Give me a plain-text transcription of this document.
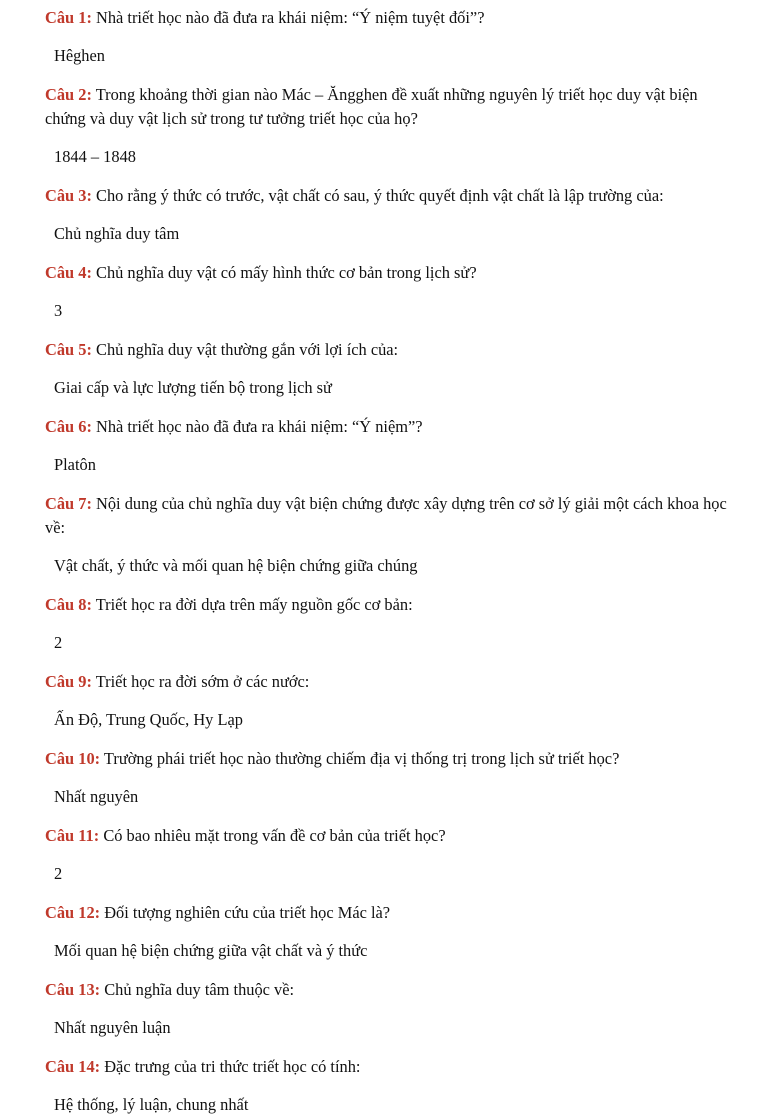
Câu 1: Nhà triết học nào đã đưa ra khái niệm: “Ý niệm tuyệt đối”?

Hêghen

Câu 2: Trong khoảng thời gian nào Mác – Ăngghen đề xuất những nguyên lý triết học duy vật biện chứng và duy vật lịch sử trong tư tưởng triết học của họ?

1844 – 1848

Câu 3: Cho rằng ý thức có trước, vật chất có sau, ý thức quyết định vật chất là lập trường của:

Chủ nghĩa duy tâm

Câu 4: Chủ nghĩa duy vật có mấy hình thức cơ bản trong lịch sử?

3

Câu 5: Chủ nghĩa duy vật thường gắn với lợi ích của:

Giai cấp và lực lượng tiến bộ trong lịch sử

Câu 6: Nhà triết học nào đã đưa ra khái niệm: “Ý niệm”?

Platôn

Câu 7: Nội dung của chủ nghĩa duy vật biện chứng được xây dựng trên cơ sở lý giải một cách khoa học về:

Vật chất, ý thức và mối quan hệ biện chứng giữa chúng

Câu 8: Triết học ra đời dựa trên mấy nguồn gốc cơ bản:

2

Câu 9: Triết học ra đời sớm ở các nước:

Ấn Độ, Trung Quốc, Hy Lạp

Câu 10: Trường phái triết học nào thường chiếm địa vị thống trị trong lịch sử triết học?

Nhất nguyên

Câu 11: Có bao nhiêu mặt trong vấn đề cơ bản của triết học?

2

Câu 12: Đối tượng nghiên cứu của triết học Mác là?

Mối quan hệ biện chứng giữa vật chất và ý thức

Câu 13: Chủ nghĩa duy tâm thuộc về:

Nhất nguyên luận

Câu 14: Đặc trưng của tri thức triết học có tính:

Hệ thống, lý luận, chung nhất
